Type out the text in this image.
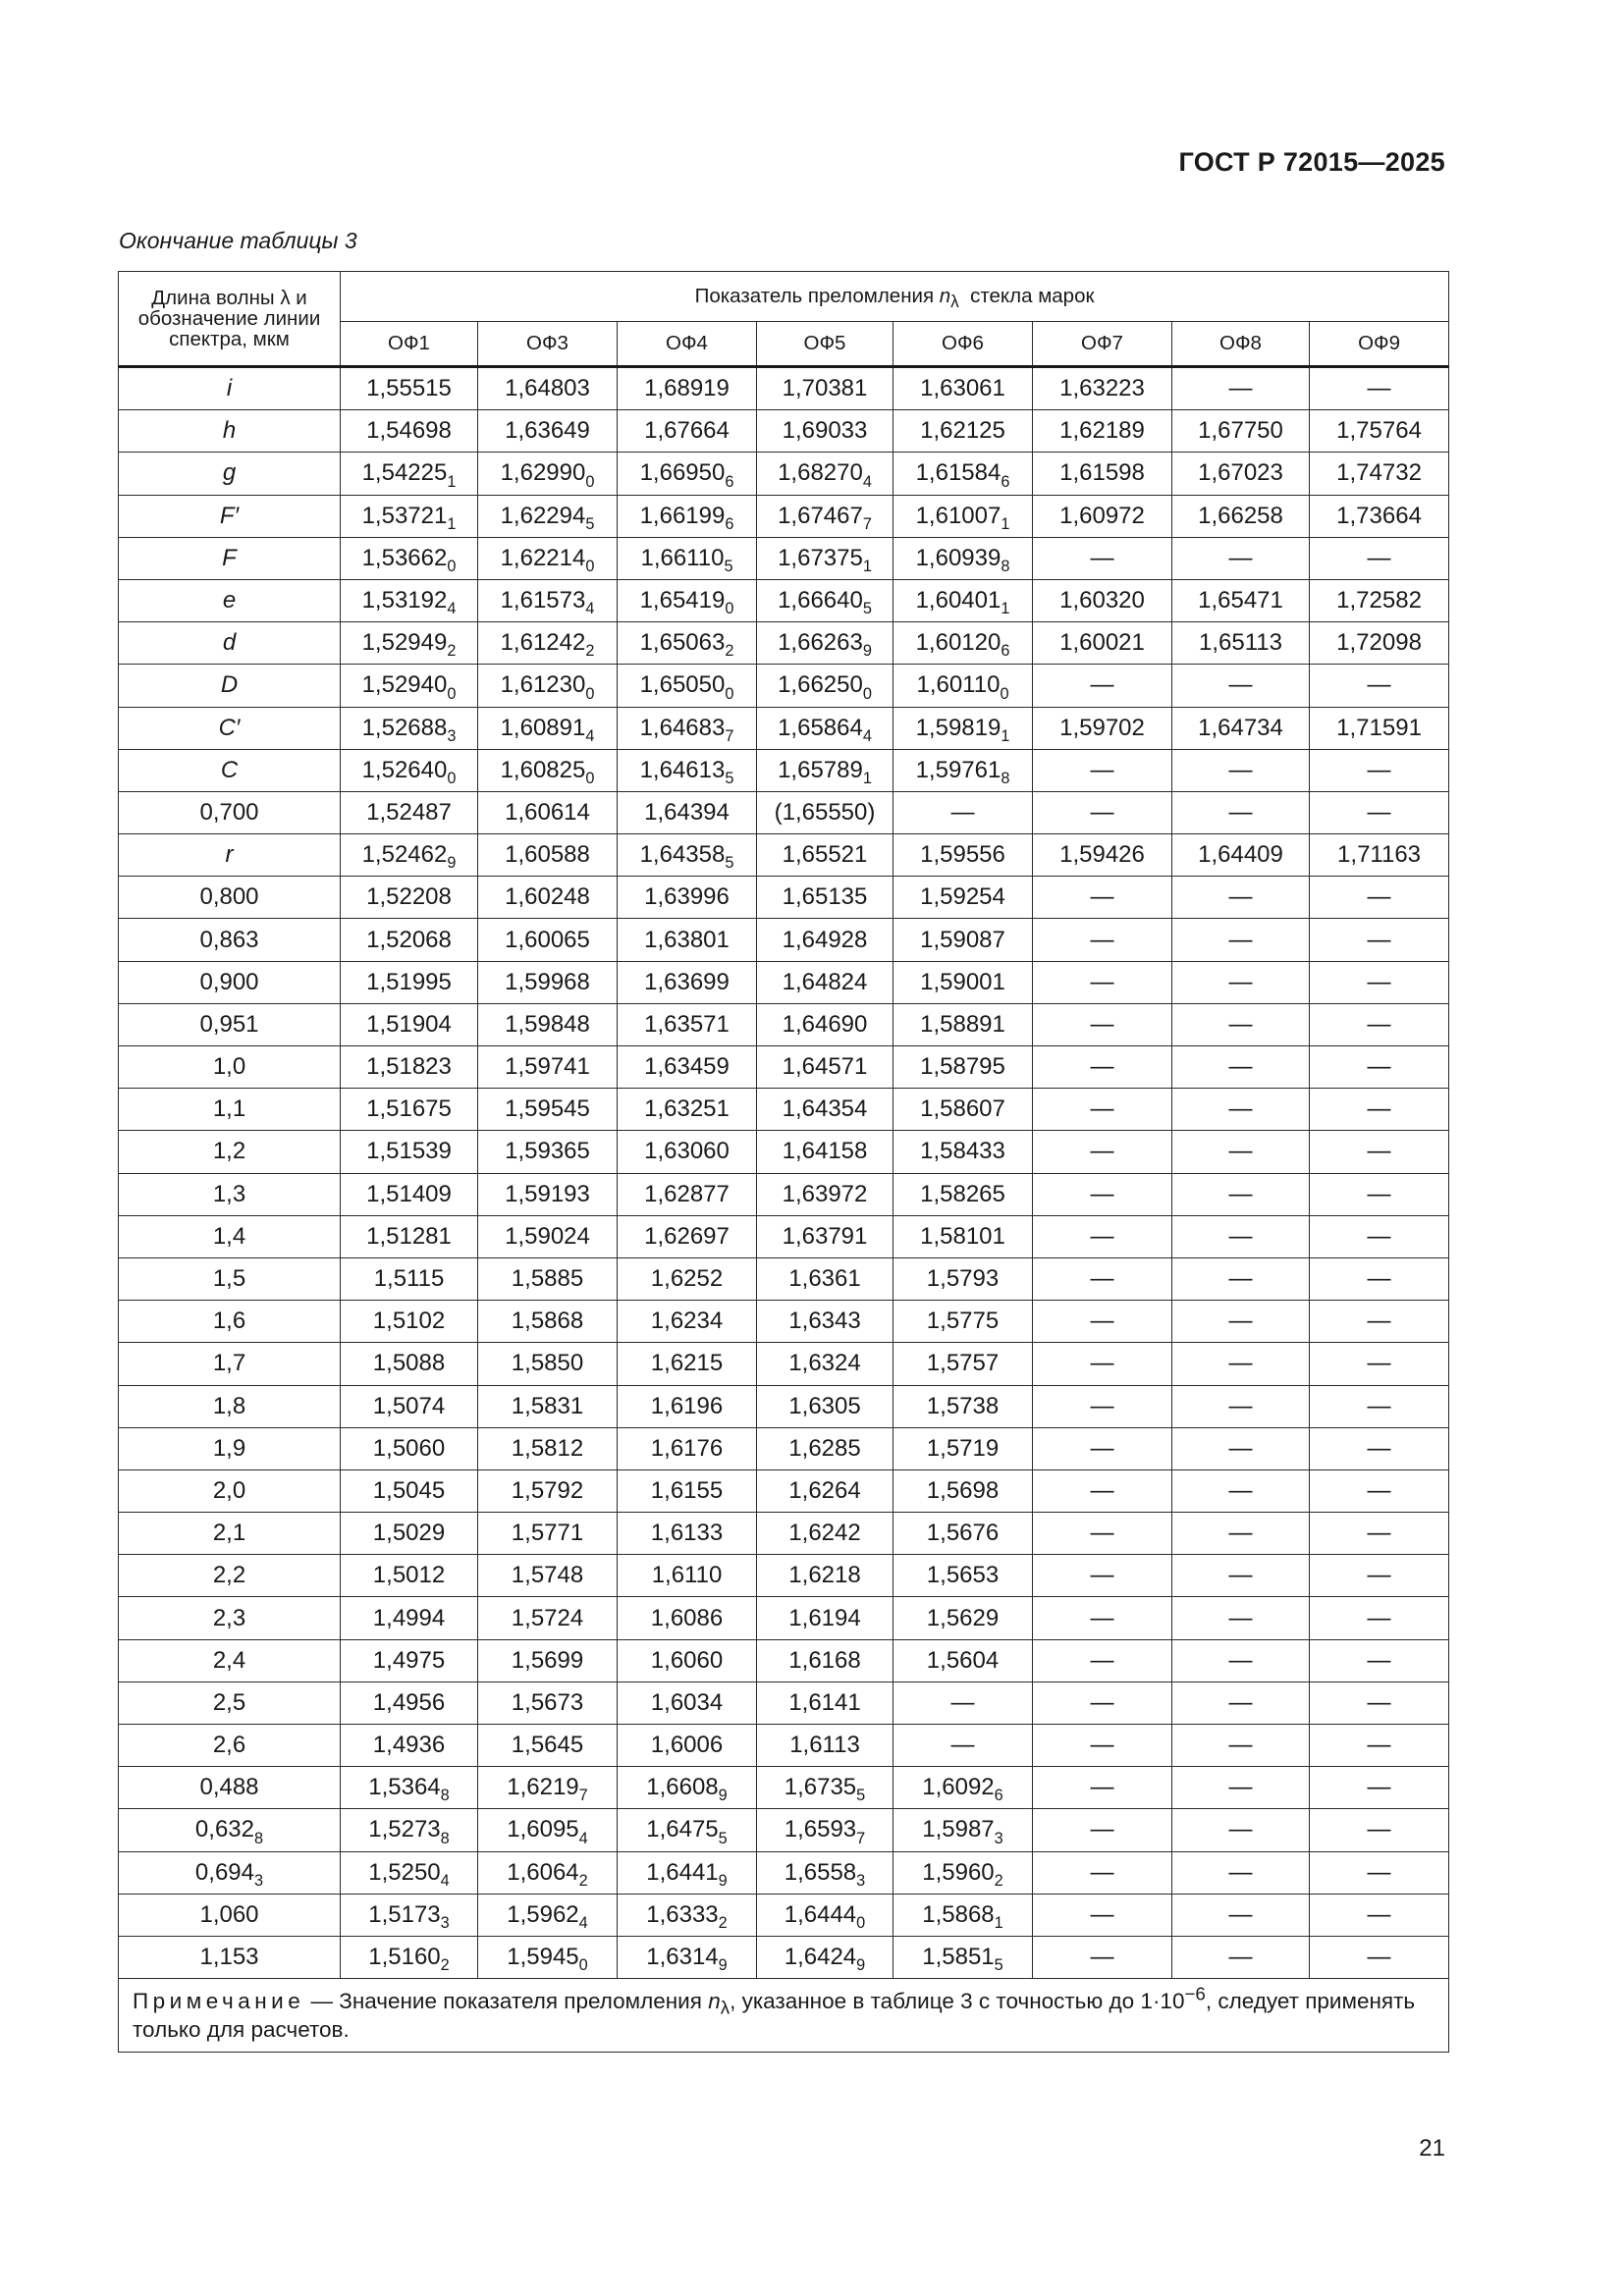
ГОСТ Р 72015—2025
Окончание таблицы 3
Длина волны λ и обозначение линии спектра, мкм	Показатель преломления $n_\lambda$ стекла марок							
	ОФ1	ОФ3	ОФ4	ОФ5	ОФ6	ОФ7	ОФ8	ОФ9
i	1,55515	1,64803	1,68919	1,70381	1,63061	1,63223	—	—
h	1,54698	1,63649	1,67664	1,69033	1,62125	1,62189	1,67750	1,75764
g	$1,54225_1$	$1,62990_0$	$1,66950_6$	$1,68270_4$	$1,61584_6$	1,61598	1,67023	1,74732
F′	$1,53721_1$	$1,62294_5$	$1,66199_6$	$1,67467_7$	$1,61007_1$	1,60972	1,66258	1,73664
F	$1,53662_0$	$1,62214_0$	$1,66110_5$	$1,67375_1$	$1,60939_8$	—	—	—
e	$1,53192_4$	$1,61573_4$	$1,65419_0$	$1,66640_5$	$1,60401_1$	1,60320	1,65471	1,72582
d	$1,52949_2$	$1,61242_2$	$1,65063_2$	$1,66263_9$	$1,60120_6$	1,60021	1,65113	1,72098
D	$1,52940_0$	$1,61230_0$	$1,65050_0$	$1,66250_0$	$1,60110_0$	—	—	—
C′	$1,52688_3$	$1,60891_4$	$1,64683_7$	$1,65864_4$	$1,59819_1$	1,59702	1,64734	1,71591
C	$1,52640_0$	$1,60825_0$	$1,64613_5$	$1,65789_1$	$1,59761_8$	—	—	—
0,700	1,52487	1,60614	1,64394	(1,65550)	—	—	—	—
r	$1,52462_9$	1,60588	$1,64358_5$	1,65521	1,59556	1,59426	1,64409	1,71163
0,800	1,52208	1,60248	1,63996	1,65135	1,59254	—	—	—
0,863	1,52068	1,60065	1,63801	1,64928	1,59087	—	—	—
0,900	1,51995	1,59968	1,63699	1,64824	1,59001	—	—	—
0,951	1,51904	1,59848	1,63571	1,64690	1,58891	—	—	—
1,0	1,51823	1,59741	1,63459	1,64571	1,58795	—	—	—
1,1	1,51675	1,59545	1,63251	1,64354	1,58607	—	—	—
1,2	1,51539	1,59365	1,63060	1,64158	1,58433	—	—	—
1,3	1,51409	1,59193	1,62877	1,63972	1,58265	—	—	—
1,4	1,51281	1,59024	1,62697	1,63791	1,58101	—	—	—
1,5	1,5115	1,5885	1,6252	1,6361	1,5793	—	—	—
1,6	1,5102	1,5868	1,6234	1,6343	1,5775	—	—	—
1,7	1,5088	1,5850	1,6215	1,6324	1,5757	—	—	—
1,8	1,5074	1,5831	1,6196	1,6305	1,5738	—	—	—
1,9	1,5060	1,5812	1,6176	1,6285	1,5719	—	—	—
2,0	1,5045	1,5792	1,6155	1,6264	1,5698	—	—	—
2,1	1,5029	1,5771	1,6133	1,6242	1,5676	—	—	—
2,2	1,5012	1,5748	1,6110	1,6218	1,5653	—	—	—
2,3	1,4994	1,5724	1,6086	1,6194	1,5629	—	—	—
2,4	1,4975	1,5699	1,6060	1,6168	1,5604	—	—	—
2,5	1,4956	1,5673	1,6034	1,6141	—	—	—	—
2,6	1,4936	1,5645	1,6006	1,6113	—	—	—	—
0,488	$1,5364_8$	$1,6219_7$	$1,6608_9$	$1,6735_5$	$1,6092_6$	—	—	—
$0,632_8$	$1,5273_8$	$1,6095_4$	$1,6475_5$	$1,6593_7$	$1,5987_3$	—	—	—
$0,694_3$	$1,5250_4$	$1,6064_2$	$1,6441_9$	$1,6558_3$	$1,5960_2$	—	—	—
1,060	$1,5173_3$	$1,5962_4$	$1,6333_2$	$1,6444_0$	$1,5868_1$	—	—	—
1,153	$1,5160_2$	$1,5945_0$	$1,6314_9$	$1,6424_9$	$1,5851_5$	—	—	—
Примечание — Значение показателя преломления $n_\lambda$, указанное в таблице 3 с точностью до $1\cdot 10^{-6}$, следует применять только для расчетов.								
21
